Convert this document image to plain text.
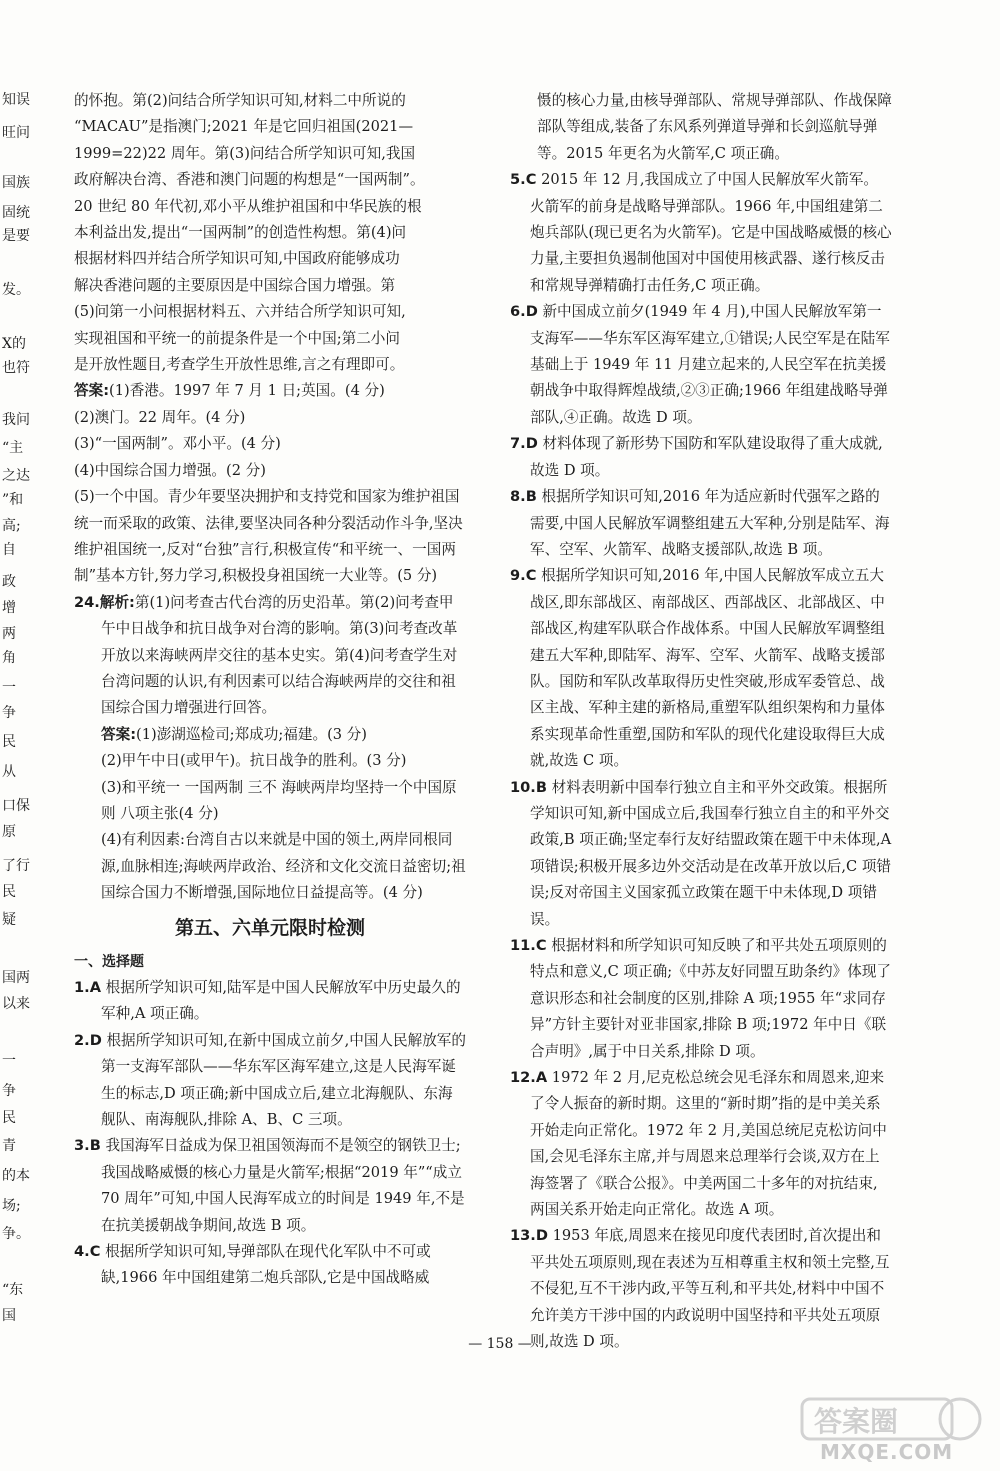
知误
旺问
国族
固统
是要
发。
X的
也符
我问
“主
之达
”和
高;
自
政
增
两
角
一
争
民
从
口保
原
了行
民
疑
国两
以来
一
争
民
青
的本
场;
争。
“东
国

的怀抱。第(2)问结合所学知识可知,材料二中所说的

“MACAU”是指澳门;2021 年是它回归祖国(2021—

1999=22)22 周年。第(3)问结合所学知识可知,我国

政府解决台湾、香港和澳门问题的构想是“一国两制”。

20 世纪 80 年代初,邓小平从维护祖国和中华民族的根

本利益出发,提出“一国两制”的创造性构想。第(4)问

根据材料四并结合所学知识可知,中国政府能够成功

解决香港问题的主要原因是中国综合国力增强。第

(5)问第一小问根据材料五、六并结合所学知识可知,

实现祖国和平统一的前提条件是一个中国;第二小问

是开放性题目,考查学生开放性思维,言之有理即可。

答案:(1)香港。1997 年 7 月 1 日;英国。(4 分)

(2)澳门。22 周年。(4 分)

(3)“一国两制”。邓小平。(4 分)

(4)中国综合国力增强。(2 分)

(5)一个中国。青少年要坚决拥护和支持党和国家为维护祖国统一而采取的政策、法律,要坚决同各种分裂活动作斗争,坚决维护祖国统一,反对“台独”言行,积极宣传“和平统一、一国两制”基本方针,努力学习,积极投身祖国统一大业等。(5 分)

24.解析:第(1)问考查古代台湾的历史沿革。第(2)问考查甲午中日战争和抗日战争对台湾的影响。第(3)问考查改革开放以来海峡两岸交往的基本史实。第(4)问考查学生对台湾问题的认识,有利因素可以结合海峡两岸的交往和祖国综合国力增强进行回答。

答案:(1)澎湖巡检司;郑成功;福建。(3 分)

(2)甲午中日(或甲午)。抗日战争的胜利。(3 分)

(3)和平统一 一国两制 三不 海峡两岸均坚持一个中国原则 八项主张(4 分)

(4)有利因素:台湾自古以来就是中国的领土,两岸同根同源,血脉相连;海峡两岸政治、经济和文化交流日益密切;祖国综合国力不断增强,国际地位日益提高等。(4 分)

第五、六单元限时检测

一、选择题

1.A 根据所学知识可知,陆军是中国人民解放军中历史最久的军种,A 项正确。

2.D 根据所学知识可知,在新中国成立前夕,中国人民解放军的第一支海军部队——华东军区海军建立,这是人民海军诞生的标志,D 项正确;新中国成立后,建立北海舰队、东海舰队、南海舰队,排除 A、B、C 三项。

3.B 我国海军日益成为保卫祖国领海而不是领空的钢铁卫士;我国战略威慑的核心力量是火箭军;根据“2019 年”“成立 70 周年”可知,中国人民海军成立的时间是 1949 年,不是在抗美援朝战争期间,故选 B 项。

4.C 根据所学知识可知,导弹部队在现代化军队中不可或缺,1966 年中国组建第二炮兵部队,它是中国战略威

慑的核心力量,由核导弹部队、常规导弹部队、作战保障部队等组成,装备了东风系列弹道导弹和长剑巡航导弹等。2015 年更名为火箭军,C 项正确。

5.C 2015 年 12 月,我国成立了中国人民解放军火箭军。火箭军的前身是战略导弹部队。1966 年,中国组建第二炮兵部队(现已更名为火箭军)。它是中国战略威慑的核心力量,主要担负遏制他国对中国使用核武器、遂行核反击和常规导弹精确打击任务,C 项正确。

6.D 新中国成立前夕(1949 年 4 月),中国人民解放军第一支海军——华东军区海军建立,①错误;人民空军是在陆军基础上于 1949 年 11 月建立起来的,人民空军在抗美援朝战争中取得辉煌战绩,②③正确;1966 年组建战略导弹部队,④正确。故选 D 项。

7.D 材料体现了新形势下国防和军队建设取得了重大成就,故选 D 项。

8.B 根据所学知识可知,2016 年为适应新时代强军之路的需要,中国人民解放军调整组建五大军种,分别是陆军、海军、空军、火箭军、战略支援部队,故选 B 项。

9.C 根据所学知识可知,2016 年,中国人民解放军成立五大战区,即东部战区、南部战区、西部战区、北部战区、中部战区,构建军队联合作战体系。中国人民解放军调整组建五大军种,即陆军、海军、空军、火箭军、战略支援部队。国防和军队改革取得历史性突破,形成军委管总、战区主战、军种主建的新格局,重塑军队组织架构和力量体系实现革命性重塑,国防和军队的现代化建设取得巨大成就,故选 C 项。

10.B 材料表明新中国奉行独立自主和平外交政策。根据所学知识可知,新中国成立后,我国奉行独立自主的和平外交政策,B 项正确;坚定奉行友好结盟政策在题干中未体现,A 项错误;积极开展多边外交活动是在改革开放以后,C 项错误;反对帝国主义国家孤立政策在题干中未体现,D 项错误。

11.C 根据材料和所学知识可知反映了和平共处五项原则的特点和意义,C 项正确;《中苏友好同盟互助条约》体现了意识形态和社会制度的区别,排除 A 项;1955 年“求同存异”方针主要针对亚非国家,排除 B 项;1972 年中日《联合声明》,属于中日关系,排除 D 项。

12.A 1972 年 2 月,尼克松总统会见毛泽东和周恩来,迎来了令人振奋的新时期。这里的“新时期”指的是中美关系开始走向正常化。1972 年 2 月,美国总统尼克松访问中国,会见毛泽东主席,并与周恩来总理举行会谈,双方在上海签署了《联合公报》。中美两国二十多年的对抗结束,两国关系开始走向正常化。故选 A 项。

13.D 1953 年底,周恩来在接见印度代表团时,首次提出和平共处五项原则,现在表述为互相尊重主权和领土完整,互不侵犯,互不干涉内政,平等互利,和平共处,材料中中国不允许美方干涉中国的内政说明中国坚持和平共处五项原则,故选 D 项。

— 158 —
答案圈
MXQE.COM
